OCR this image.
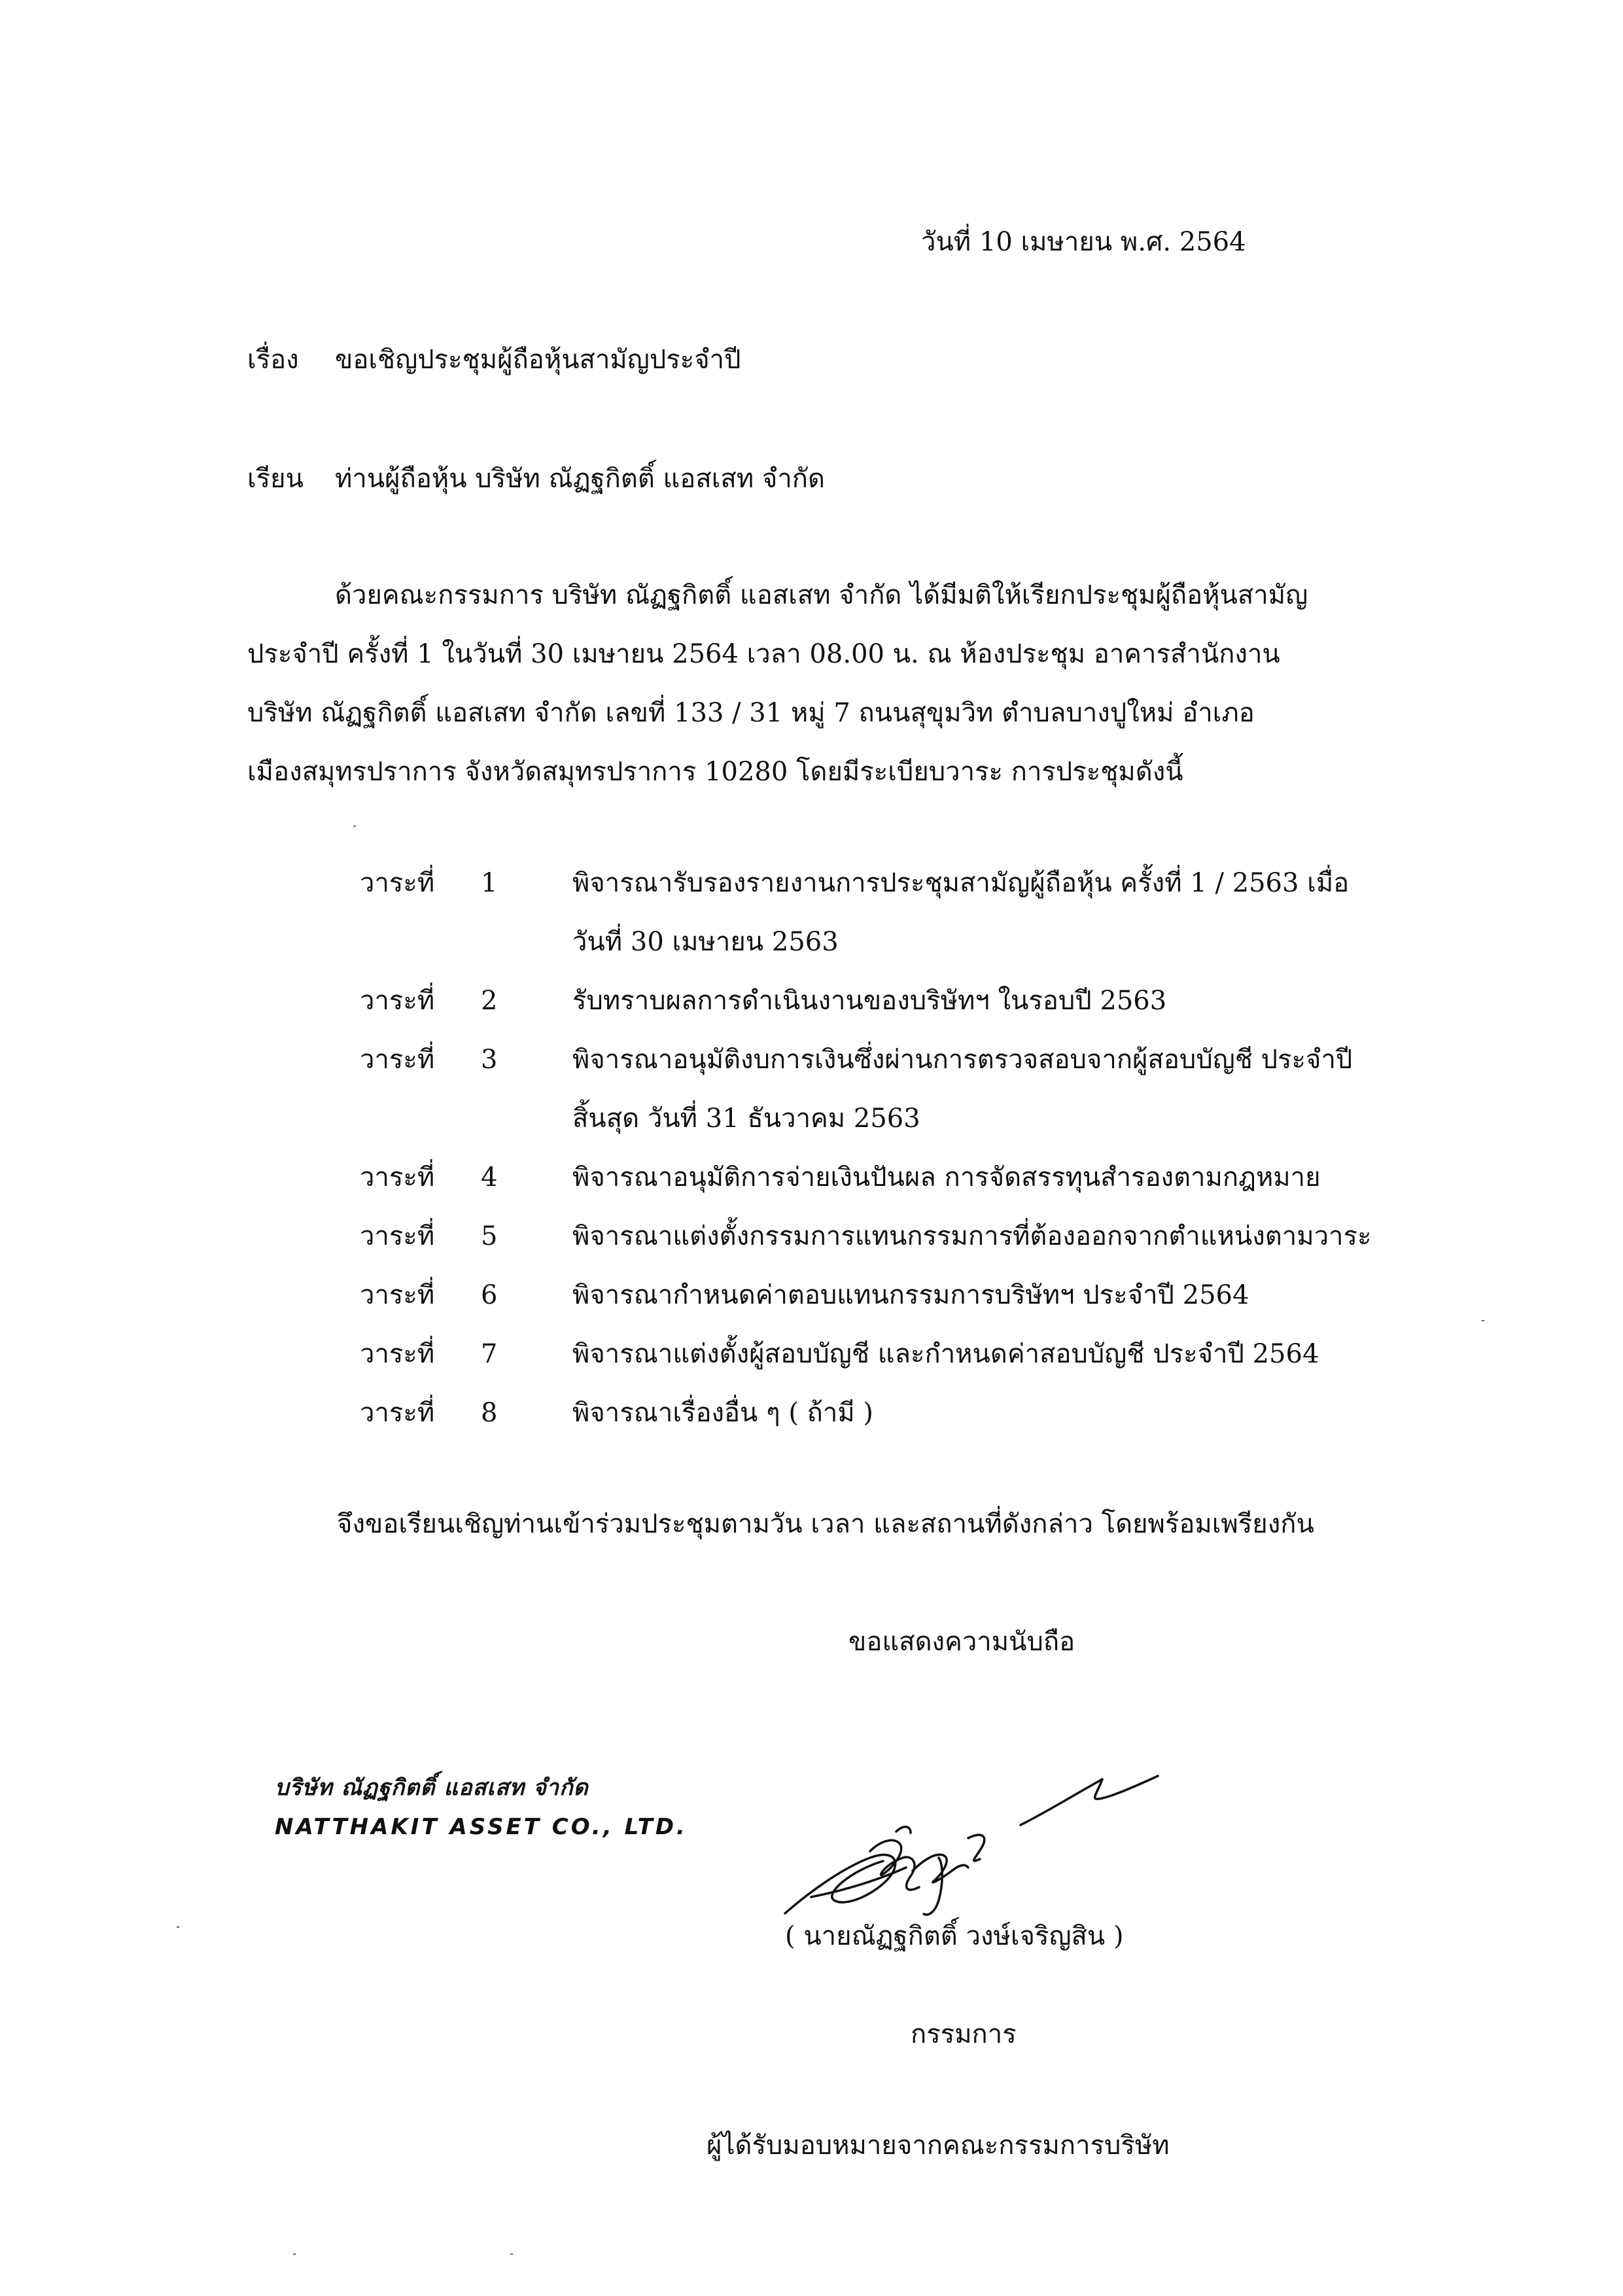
วันที่ 10 เมษายน พ.ศ. 2564
เรื่อง ขอเชิญประชุมผู้ถือหุ้นสามัญประจำปี
เรียน ท่านผู้ถือหุ้น บริษัท ณัฏฐกิตติ์ แอสเสท จำกัด
ด้วยคณะกรรมการ บริษัท ณัฏฐกิตติ์ แอสเสท จำกัด ได้มีมติให้เรียกประชุมผู้ถือหุ้นสามัญ
ประจำปี ครั้งที่ 1 ในวันที่ 30 เมษายน 2564 เวลา 08.00 น. ณ ห้องประชุม อาคารสำนักงาน
บริษัท ณัฏฐกิตติ์ แอสเสท จำกัด เลขที่ 133 / 31 หมู่ 7 ถนนสุขุมวิท ตำบลบางปูใหม่ อำเภอ
เมืองสมุทรปราการ จังหวัดสมุทรปราการ 10280 โดยมีระเบียบวาระ การประชุมดังนี้
วาระที่ 1	พิจารณารับรองรายงานการประชุมสามัญผู้ถือหุ้น ครั้งที่ 1 / 2563 เมื่อ
วันที่ 30 เมษายน 2563
วาระที่ 2	รับทราบผลการดำเนินงานของบริษัทฯ ในรอบปี 2563
วาระที่ 3	พิจารณาอนุมัติงบการเงินซึ่งผ่านการตรวจสอบจากผู้สอบบัญชี ประจำปี
สิ้นสุด วันที่ 31 ธันวาคม 2563
วาระที่ 4	พิจารณาอนุมัติการจ่ายเงินปันผล การจัดสรรทุนสำรองตามกฎหมาย
วาระที่ 5	พิจารณาแต่งตั้งกรรมการแทนกรรมการที่ต้องออกจากตำแหน่งตามวาระ
วาระที่ 6	พิจารณากำหนดค่าตอบแทนกรรมการบริษัทฯ ประจำปี 2564
วาระที่ 7	พิจารณาแต่งตั้งผู้สอบบัญชี และกำหนดค่าสอบบัญชี ประจำปี 2564
วาระที่ 8	พิจารณาเรื่องอื่น ๆ ( ถ้ามี )
จึงขอเรียนเชิญท่านเข้าร่วมประชุมตามวัน เวลา และสถานที่ดังกล่าว โดยพร้อมเพรียงกัน
ขอแสดงความนับถือ
บริษัท ณัฏฐกิตติ์ แอสเสท จำกัด
NATTHAKIT ASSET CO., LTD.
( นายณัฏฐกิตติ์ วงษ์เจริญสิน )
กรรมการ
ผู้ได้รับมอบหมายจากคณะกรรมการบริษัท
